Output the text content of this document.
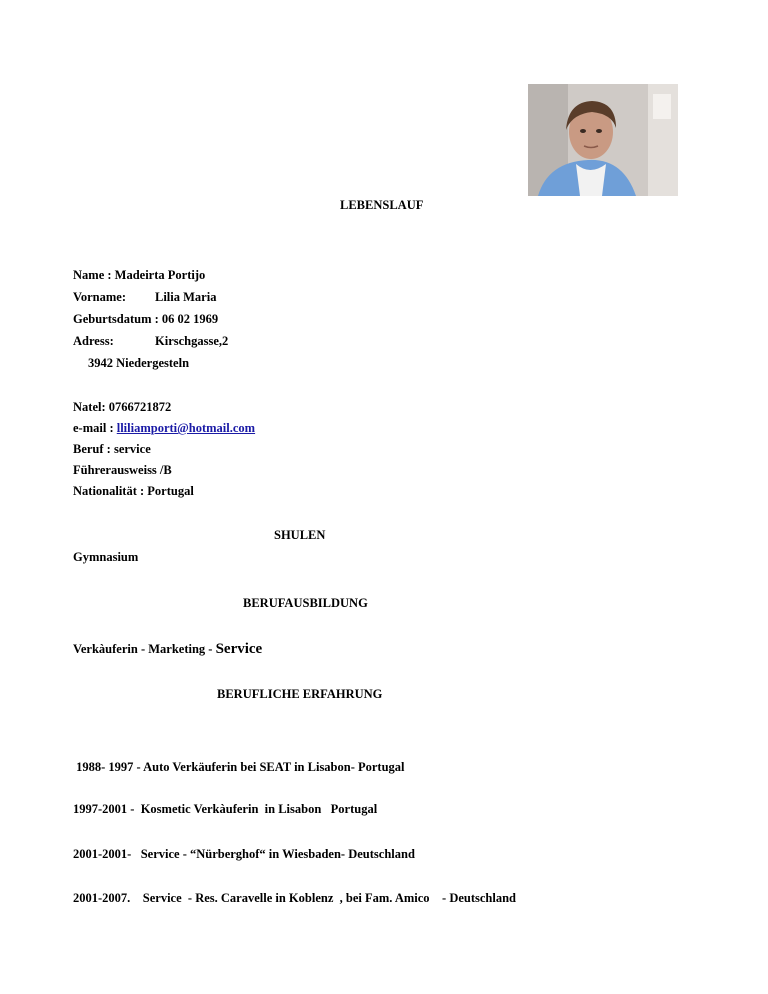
LEBENSLAUF
Name : Madeirta Portijo
Vorname: Lilia Maria
Geburtsdatum : 06 02 1969
Adress:	Kirschgasse,2
3942 Niedergesteln
Natel: 0766721872
e-mail : lliliamporti@hotmail.com
Beruf : service
Führerausweiss /B
Nationalität : Portugal
SHULEN
Gymnasium
BERUFAUSBILDUNG
Verkàuferin - Marketing - Service
BERUFLICHE ERFAHRUNG
1988- 1997 - Auto Verkäuferin bei SEAT in Lisabon- Portugal
1997-2001 -  Kosmetic Verkàuferin  in Lisabon   Portugal
2001-2001-   Service - “Nürberghof“ in Wiesbaden- Deutschland
2001-2007.    Service  - Res. Caravelle in Koblenz  , bei Fam. Amico    - Deutschland
